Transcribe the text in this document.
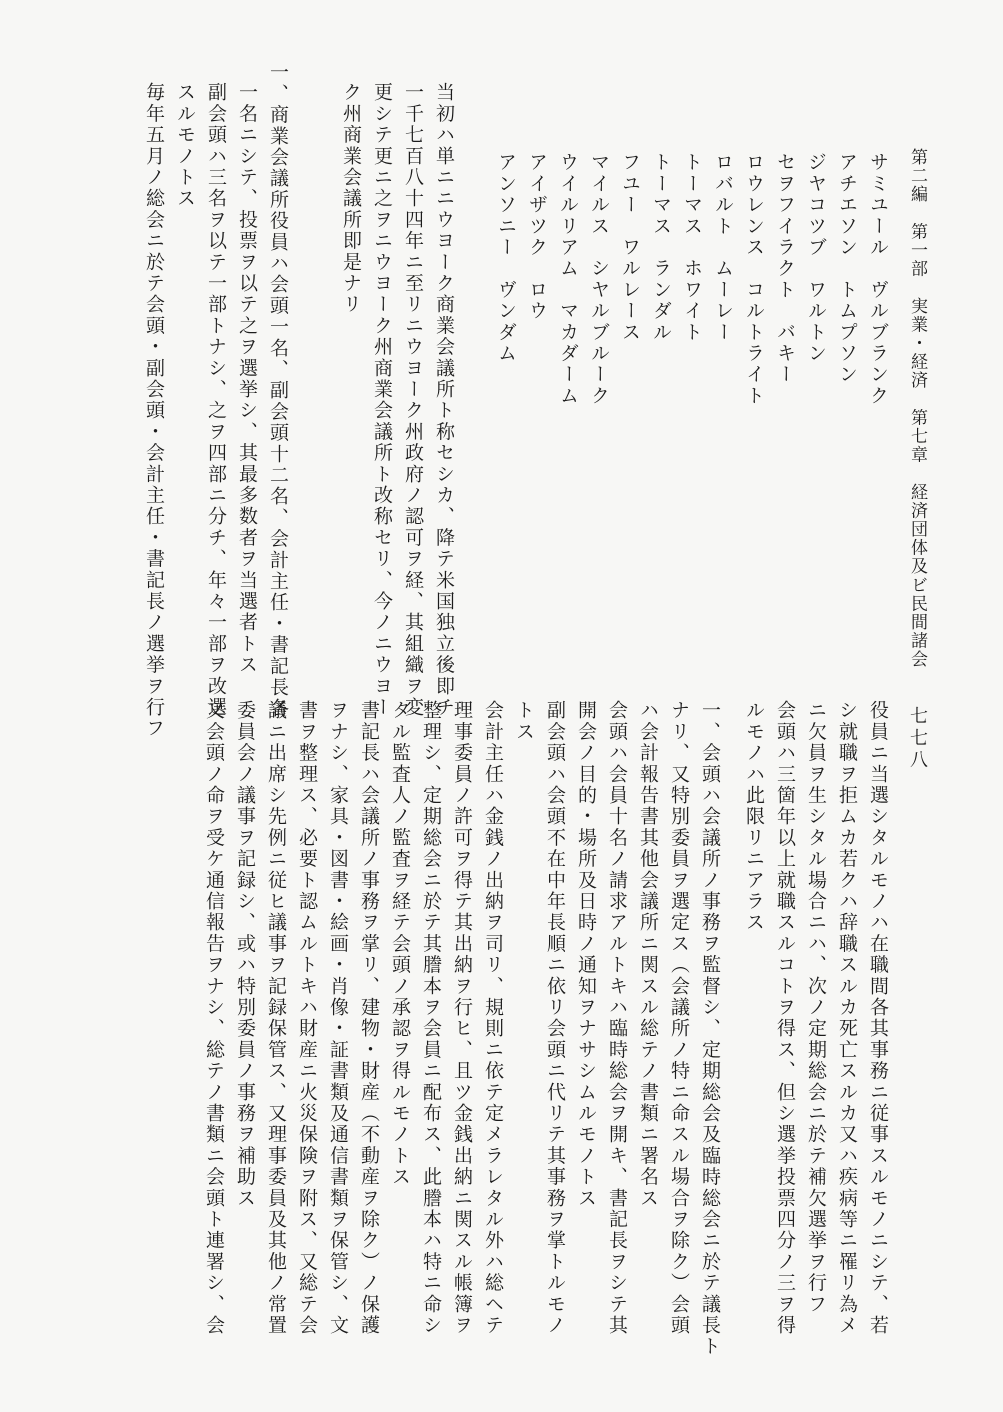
第二編　第一部　実業・経済　第七章　経済団体及ビ民間諸会
七七八
サミユール　ヴルブランク
アチエソン　トムプソン
ジヤコツブ　ワルトン
セヲフイラクト　バキー
ロウレンス　コルトライト
ロバルト　ムーレー
トーマス　ホワイト
トーマス　ランダル
フユー　ワルレース
マイルス　シヤルブルーク
ウイルリアム　マカダーム
アイザツク　ロウ
アンソニー　ヴンダム
当初ハ単ニニウヨーク商業会議所ト称セシカ、降テ米国独立後即チ
一千七百八十四年ニ至リニウヨーク州政府ノ認可ヲ経、其組織ヲ変
更シテ更ニ之ヲニウヨーク州商業会議所ト改称セリ、今ノニウヨー
ク州商業会議所即是ナリ
一、商業会議所役員ハ会頭一名、副会頭十二名、会計主任・書記長各
一名ニシテ、投票ヲ以テ之ヲ選挙シ、其最多数者ヲ当選者トス
副会頭ハ三名ヲ以テ一部トナシ、之ヲ四部ニ分チ、年々一部ヲ改選
スルモノトス
毎年五月ノ総会ニ於テ会頭・副会頭・会計主任・書記長ノ選挙ヲ行フ
役員ニ当選シタルモノハ在職間各其事務ニ従事スルモノニシテ、若
シ就職ヲ拒ムカ若クハ辞職スルカ死亡スルカ又ハ疾病等ニ罹リ為メ
ニ欠員ヲ生シタル場合ニハ、次ノ定期総会ニ於テ補欠選挙ヲ行フ
会頭ハ三箇年以上就職スルコトヲ得ス、但シ選挙投票四分ノ三ヲ得
ルモノハ此限リニアラス
一、会頭ハ会議所ノ事務ヲ監督シ、定期総会及臨時総会ニ於テ議長ト
ナリ、又特別委員ヲ選定ス（会議所ノ特ニ命スル場合ヲ除ク）会頭
ハ会計報告書其他会議所ニ関スル総テノ書類ニ署名ス
会頭ハ会員十名ノ請求アルトキハ臨時総会ヲ開キ、書記長ヲシテ其
開会ノ目的・場所及日時ノ通知ヲナサシムルモノトス
副会頭ハ会頭不在中年長順ニ依リ会頭ニ代リテ其事務ヲ掌トルモノ
トス
会計主任ハ金銭ノ出納ヲ司リ、規則ニ依テ定メラレタル外ハ総ヘテ
理事委員ノ許可ヲ得テ其出納ヲ行ヒ、且ツ金銭出納ニ関スル帳簿ヲ
整理シ、定期総会ニ於テ其謄本ヲ会員ニ配布ス、此謄本ハ特ニ命シ
タル監査人ノ監査ヲ経テ会頭ノ承認ヲ得ルモノトス
書記長ハ会議所ノ事務ヲ掌リ、建物・財産（不動産ヲ除ク）ノ保護
ヲナシ、家具・図書・絵画・肖像・証書類及通信書類ヲ保管シ、文
書ヲ整理ス、必要ト認ムルトキハ財産ニ火災保険ヲ附ス、又総テ会
議ニ出席シ先例ニ従ヒ議事ヲ記録保管ス、又理事委員及其他ノ常置
委員会ノ議事ヲ記録シ、或ハ特別委員ノ事務ヲ補助ス
又会頭ノ命ヲ受ケ通信報告ヲナシ、総テノ書類ニ会頭ト連署シ、会
